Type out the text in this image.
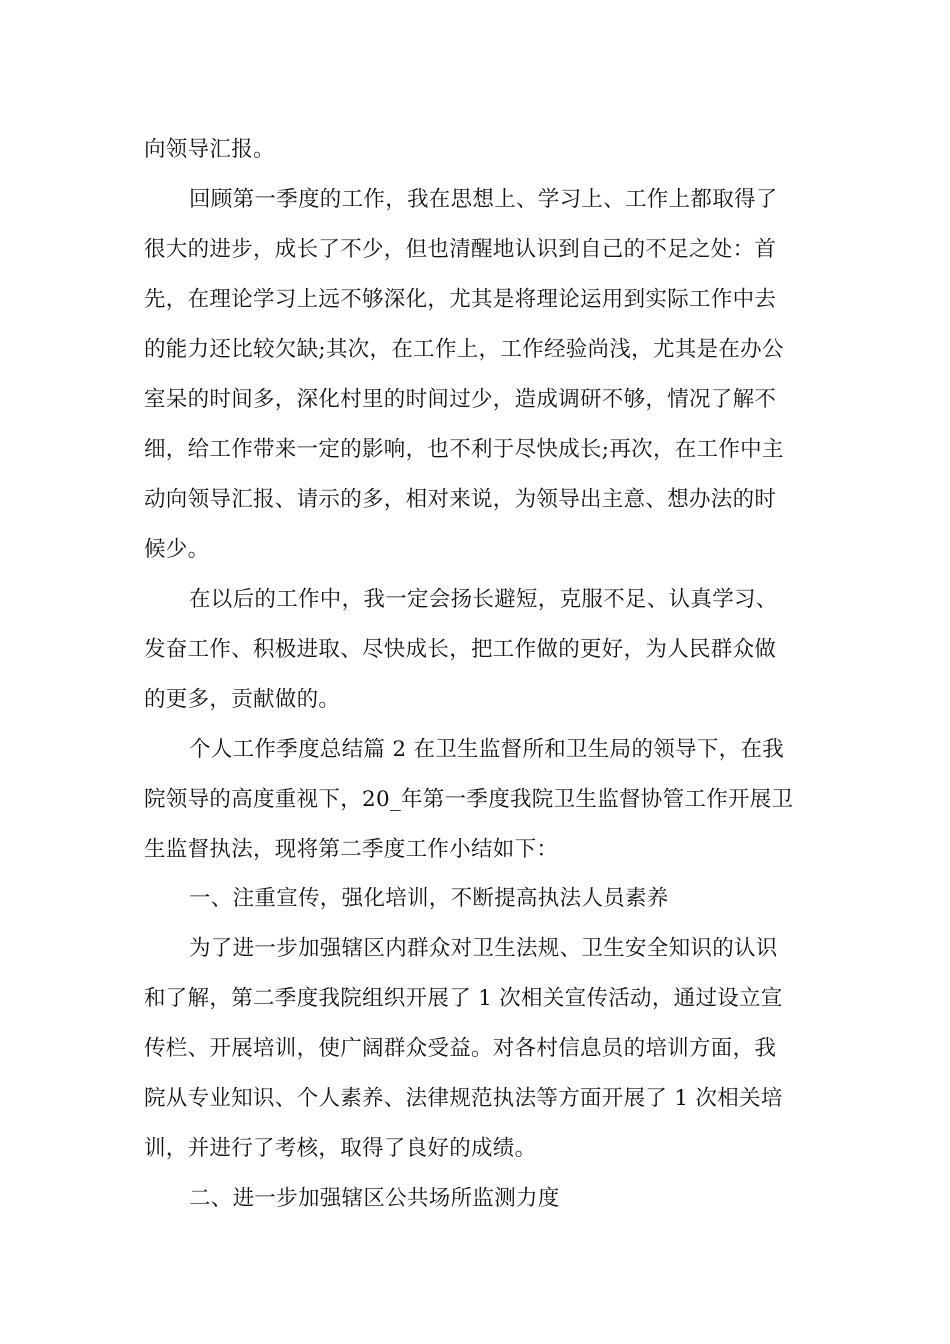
向领导汇报。
回顾第一季度的工作，我在思想上、学习上、工作上都取得了
很大的进步，成长了不少，但也清醒地认识到自己的不足之处：首
先，在理论学习上远不够深化，尤其是将理论运用到实际工作中去
的能力还比较欠缺;其次，在工作上，工作经验尚浅，尤其是在办公
室呆的时间多，深化村里的时间过少，造成调研不够，情况了解不
细，给工作带来一定的影响，也不利于尽快成长;再次，在工作中主
动向领导汇报、请示的多，相对来说，为领导出主意、想办法的时
候少。
在以后的工作中，我一定会扬长避短，克服不足、认真学习、
发奋工作、积极进取、尽快成长，把工作做的更好，为人民群众做
的更多，贡献做的。
个人工作季度总结篇 2 在卫生监督所和卫生局的领导下，在我
院领导的高度重视下，20_年第一季度我院卫生监督协管工作开展卫
生监督执法，现将第二季度工作小结如下：
一、注重宣传，强化培训，不断提高执法人员素养
为了进一步加强辖区内群众对卫生法规、卫生安全知识的认识
和了解，第二季度我院组织开展了 1 次相关宣传活动，通过设立宣
传栏、开展培训，使广阔群众受益。对各村信息员的培训方面，我
院从专业知识、个人素养、法律规范执法等方面开展了 1 次相关培
训，并进行了考核，取得了良好的成绩。
二、进一步加强辖区公共场所监测力度
